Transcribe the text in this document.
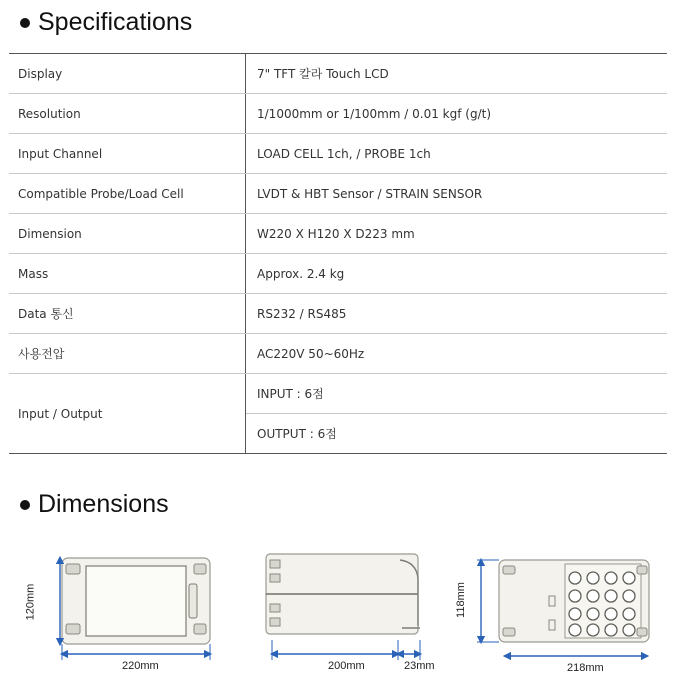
Specifications
Display	7" TFT 칼라 Touch LCD
Resolution	1/1000mm or 1/100mm / 0.01 kgf (g/t)
Input Channel	LOAD CELL 1ch, / PROBE 1ch
Compatible Probe/Load Cell	LVDT & HBT Sensor / STRAIN SENSOR
Dimension	W220 X H120 X D223 mm
Mass	Approx. 2.4 kg
Data 통신	RS232 / RS485
사용전압	AC220V 50~60Hz
Input / Output	INPUT : 6점
	OUTPUT : 6점
Dimensions
120mm
220mm	200mm	23mm
118mm
218mm
